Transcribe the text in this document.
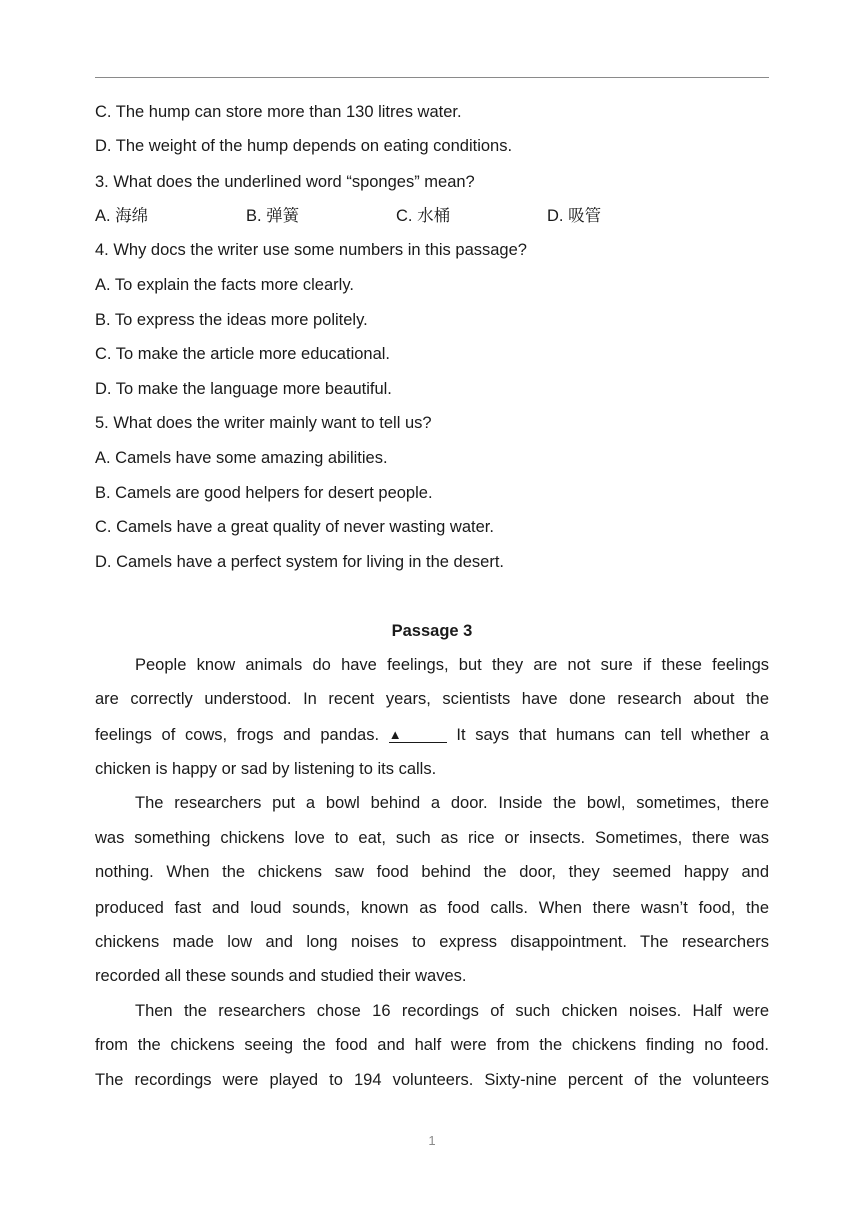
C. The hump can store more than 130 litres water.
D. The weight of the hump depends on eating conditions.
3. What does the underlined word “sponges” mean?
A. 海绵	B. 弹簧	C. 水桶	D. 吸管
4. Why docs the writer use some numbers in this passage?
A. To explain the facts more clearly.
B. To express the ideas more politely.
C. To make the article more educational.
D. To make the language more beautiful.
5. What does the writer mainly want to tell us?
A. Camels have some amazing abilities.
B. Camels are good helpers for desert people.
C. Camels have a great quality of never wasting water.
D. Camels have a perfect system for living in the desert.
Passage 3
People know animals do have feelings, but they are not sure if these feelings
are correctly understood. In recent years, scientists have done research about the
feelings of cows, frogs and pandas. ▲	It says that humans can tell whether a
chicken is happy or sad by listening to its calls.
The researchers put a bowl behind a door. Inside the bowl, sometimes, there
was something chickens love to eat, such as rice or insects. Sometimes, there was
nothing. When the chickens saw food behind the door, they seemed happy and
produced fast and loud sounds, known as food calls. When there wasn’t food, the
chickens made low and long noises to express disappointment. The researchers
recorded all these sounds and studied their waves.
Then the researchers chose 16 recordings of such chicken noises. Half were
from the chickens seeing the food and half were from the chickens finding no food.
The recordings were played to 194 volunteers. Sixty-nine percent of the volunteers
1
